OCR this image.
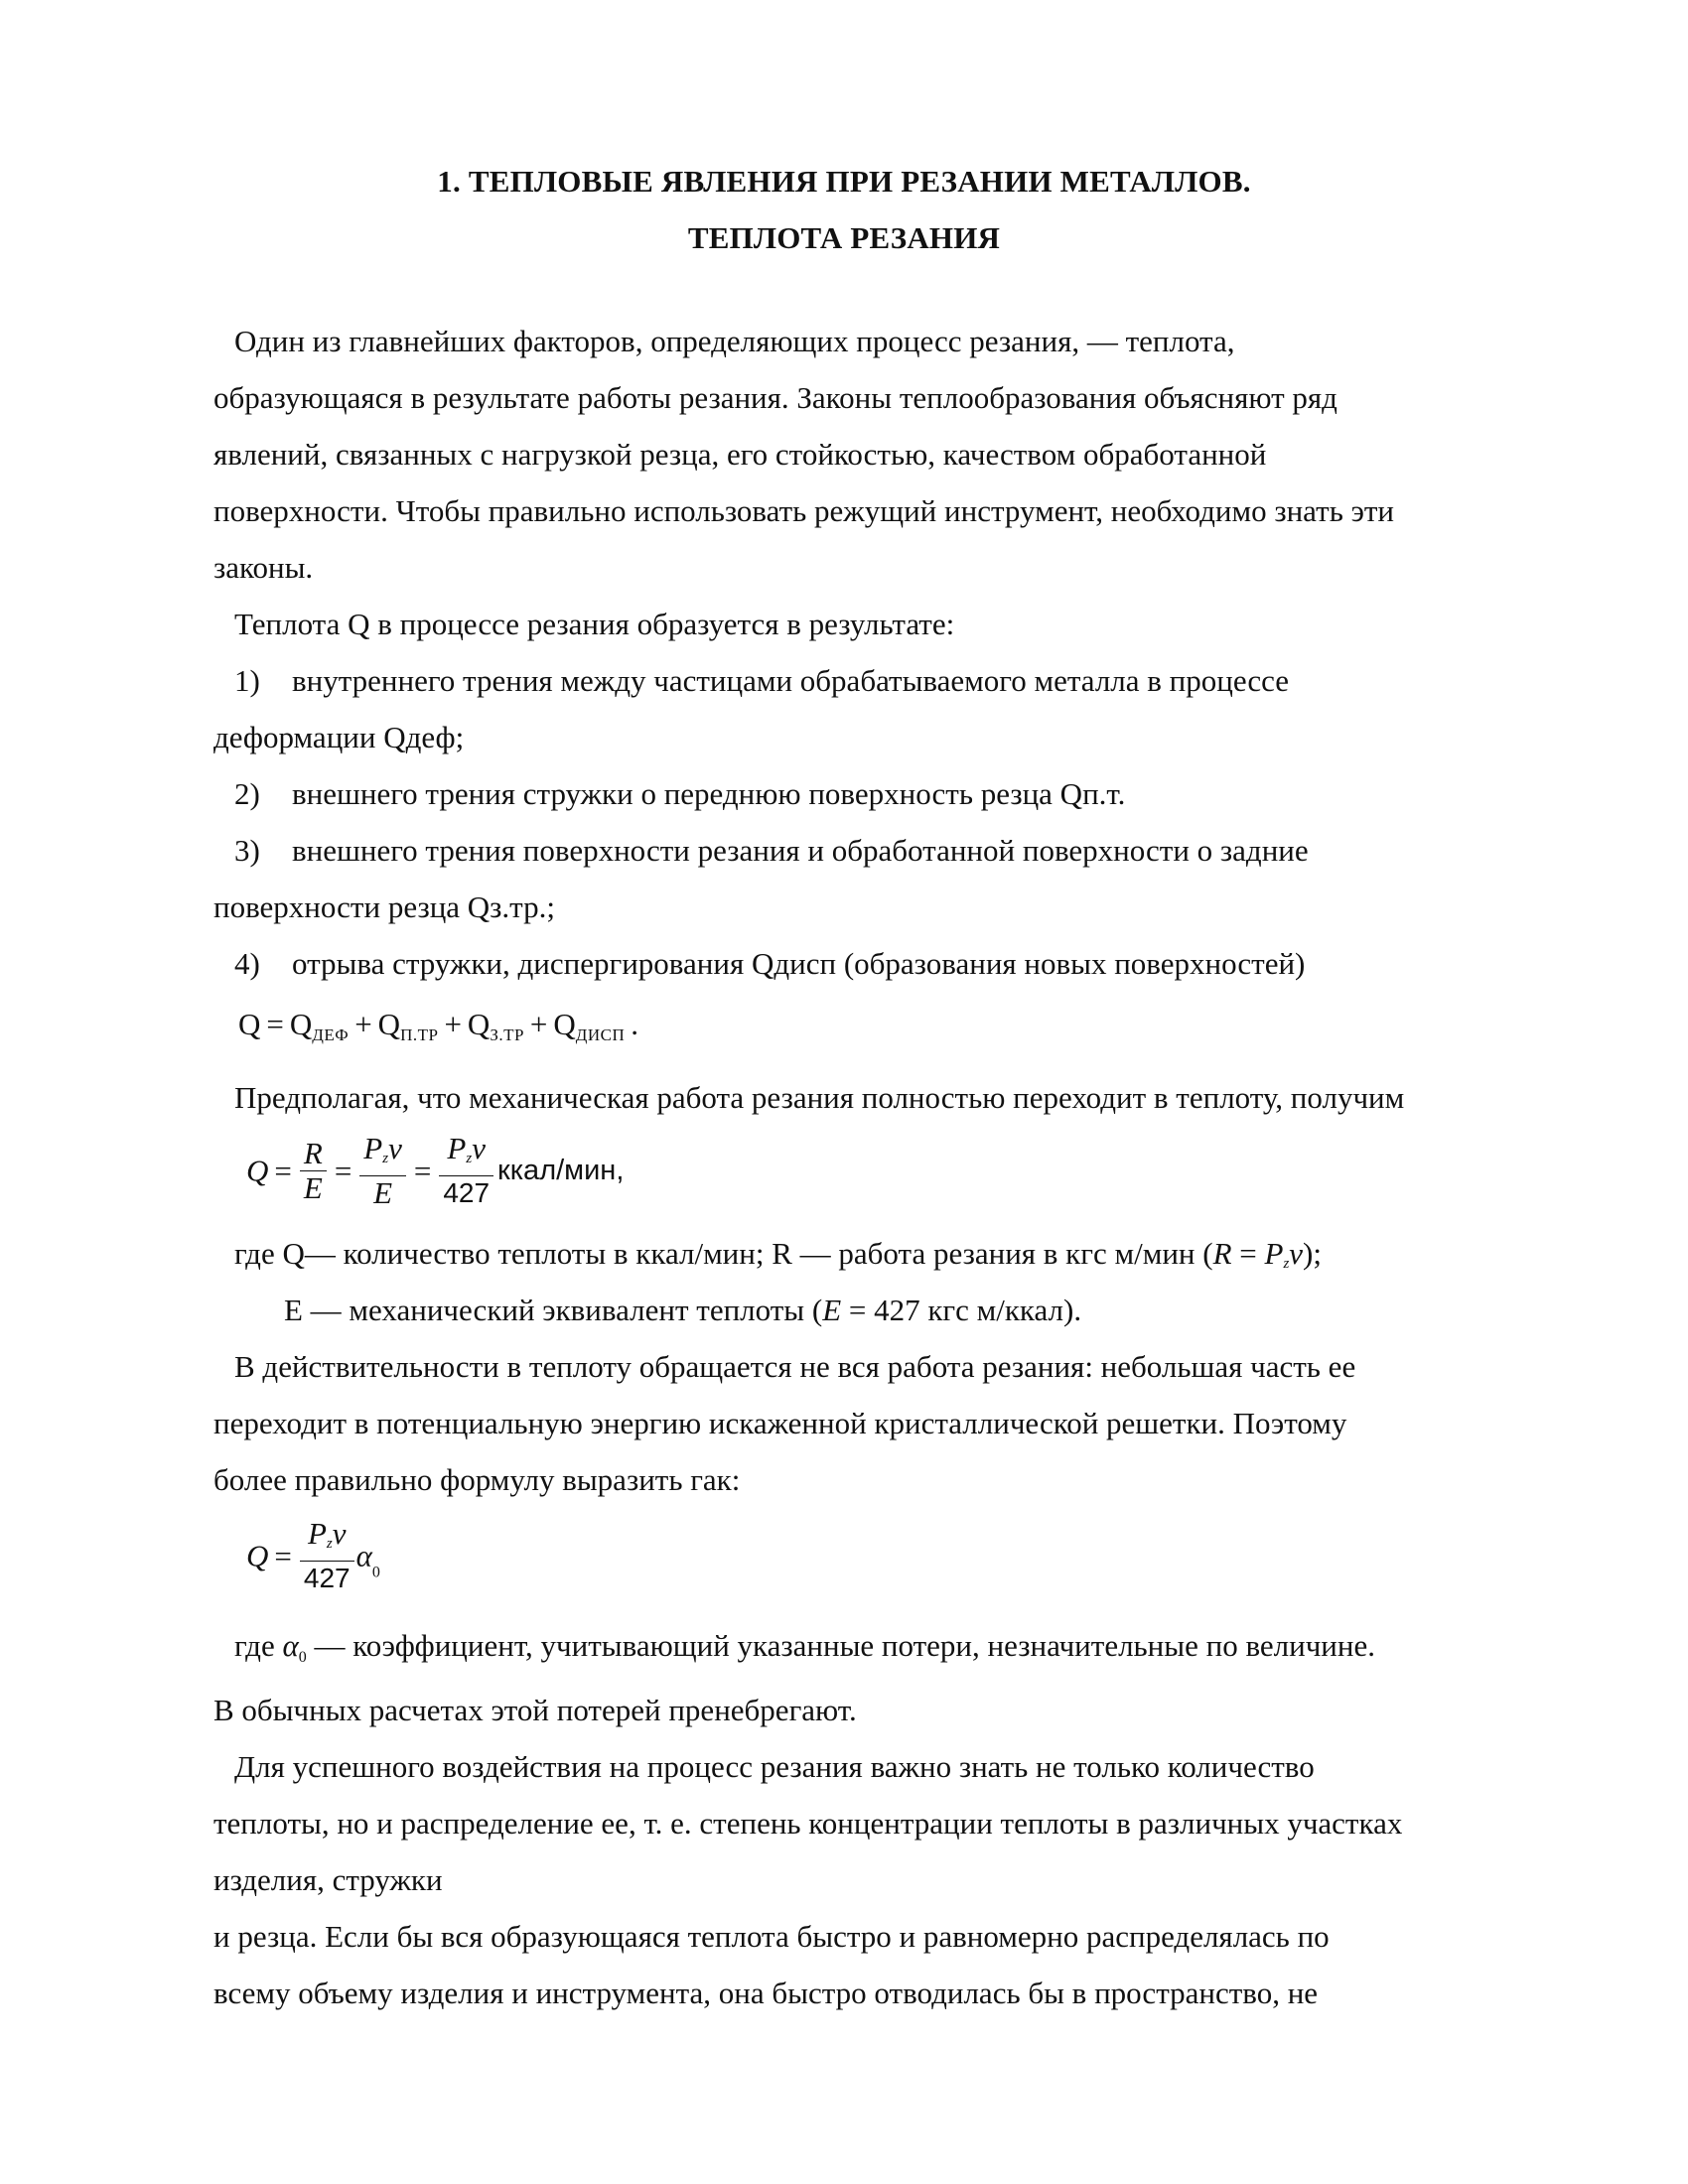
1. ТЕПЛОВЫЕ ЯВЛЕНИЯ ПРИ РЕЗАНИИ МЕТАЛЛОВ.
ТЕПЛОТА РЕЗАНИЯ
Один из главнейших факторов, определяющих процесс резания, — теплота,
образующаяся в результате работы резания. Законы теплообразования объясняют ряд
явлений, связанных с нагрузкой резца, его стойкостью, качеством обработанной
поверхности. Чтобы правильно использовать режущий инструмент, необходимо знать эти
законы.
Теплота Q в процессе резания образуется в результате:
1) внутреннего трения между частицами обрабатываемого металла в процессе
деформации Qдеф;
2) внешнего трения стружки о переднюю поверхность резца Qп.т.
3) внешнего трения поверхности резания и обработанной поверхности о задние
поверхности резца Qз.тр.;
4) отрыва стружки, диспергирования Qдисп (образования новых поверхностей)
$Q = Q_{ДЕФ} + Q_{П.ТР} + Q_{З.ТР} + Q_{ДИСП}$ .
Предполагая, что механическая работа резания полностью переходит в теплоту, получим
$Q = \frac{R}{E} = \frac{\text{Pzv}}{E} = \frac{\text{Pzv}}{427}$ ккал/мин,
где Q— количество теплоты в ккал/мин; R — работа резания в кгс м/мин (R = Pzv);
Е — механический эквивалент теплоты (E = 427 кгс м/ккал).
В действительности в теплоту обращается не вся работа резания: небольшая часть ее
переходит в потенциальную энергию искаженной кристаллической решетки. Поэтому
более правильно формулу выразить гак:
$Q = \frac{\text{Pzv}}{427} \alpha_0$
где α0 — коэффициент, учитывающий указанные потери, незначительные по величине.
В обычных расчетах этой потерей пренебрегают.
Для успешного воздействия на процесс резания важно знать не только количество
теплоты, но и распределение ее, т. е. степень концентрации теплоты в различных участках
изделия, стружки
и резца. Если бы вся образующаяся теплота быстро и равномерно распределялась по
всему объему изделия и инструмента, она быстро отводилась бы в пространство, не
